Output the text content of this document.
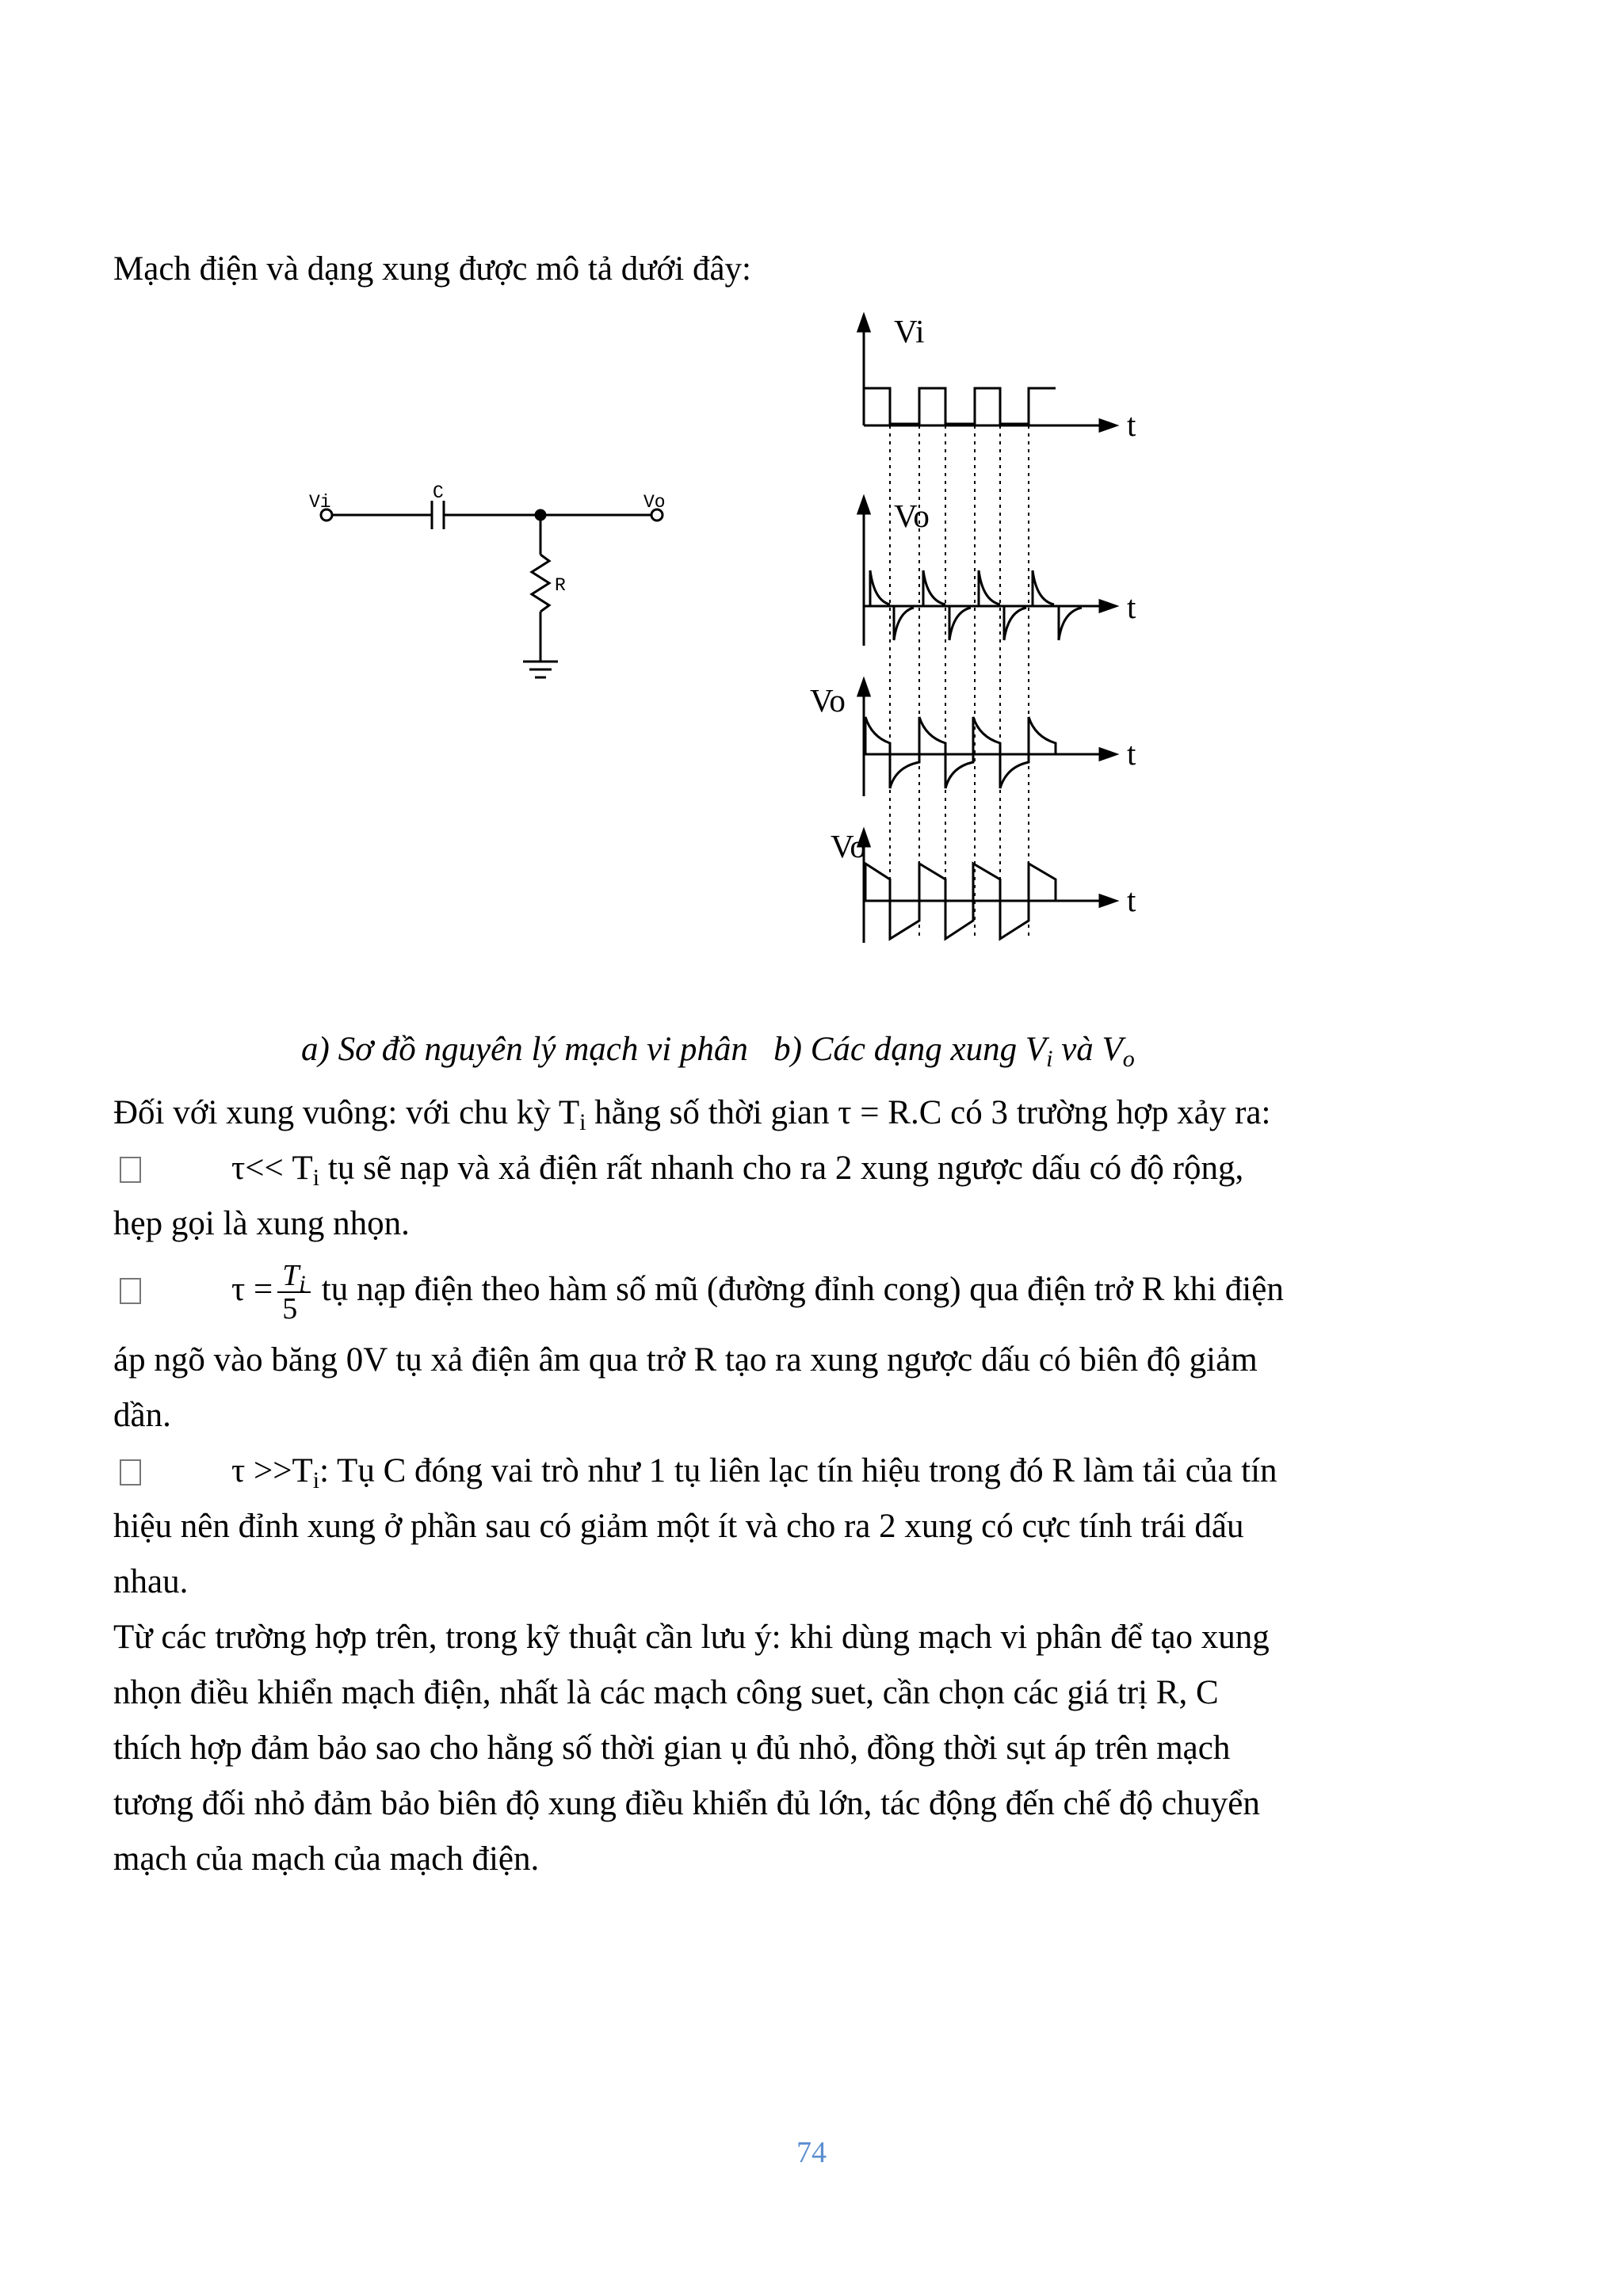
Mạch điện và dạng xung được mô tả dưới đây:

Vi	C	Vo
R
Vi
t
Vo
t
Vo
t
Vo
t

a) Sơ đồ nguyên lý mạch vi phân b) Các dạng xung $V_i$ và $V_o$

Đối với xung vuông: với chu kỳ $T_i$ hằng số thời gian τ = R.C có 3 trường hợp xảy ra:

$\tau<< T_i$ tụ sẽ nạp và xả điện rất nhanh cho ra 2 xung ngược dấu có độ rộng,

hẹp gọi là xung nhọn.

$\tau = \frac{T_i}{5}$ tụ nạp điện theo hàm số mũ (đường đỉnh cong) qua điện trở R khi điện

áp ngõ vào băng 0V tụ xả điện âm qua trở R tạo ra xung ngược dấu có biên độ giảm

dần.

$\tau >>T_i$: Tụ C đóng vai trò như 1 tụ liên lạc tín hiệu trong đó R làm tải của tín

hiệu nên đỉnh xung ở phần sau có giảm một ít và cho ra 2 xung có cực tính trái dấu

nhau.

Từ các trường hợp trên, trong kỹ thuật cần lưu ý: khi dùng mạch vi phân để tạo xung

nhọn điều khiển mạch điện, nhất là các mạch công suet, cần chọn các giá trị R, C

thích hợp đảm bảo sao cho hằng số thời gian ụ đủ nhỏ, đồng thời sụt áp trên mạch

tương đối nhỏ đảm bảo biên độ xung điều khiển đủ lớn, tác động đến chế độ chuyển

mạch của mạch của mạch điện.

74
